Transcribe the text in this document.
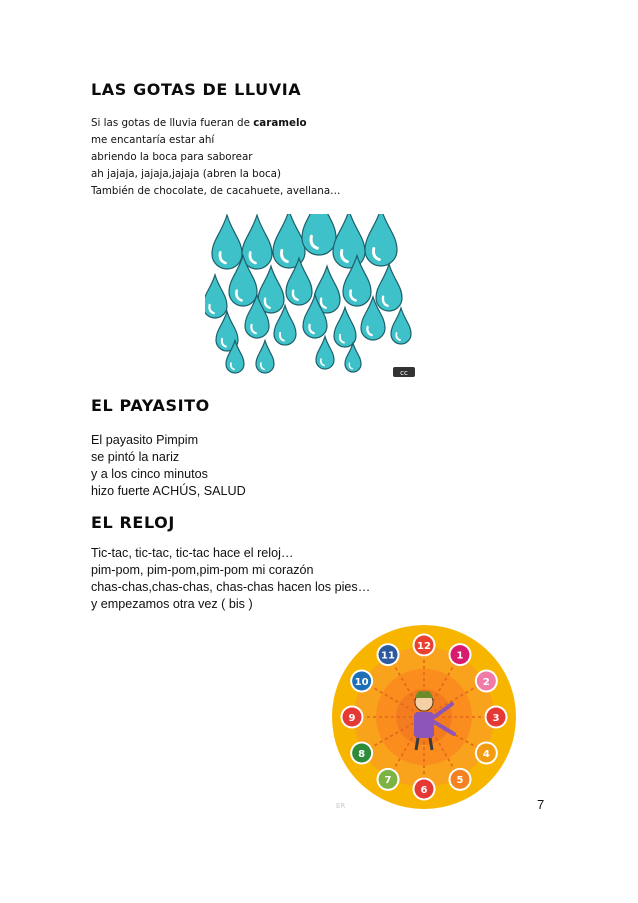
LAS GOTAS DE LLUVIA
Si las gotas de lluvia fueran de caramelo
me encantaría estar ahí
abriendo la boca para saborear
ah jajaja, jajaja,jajaja (abren la boca)
También de chocolate, de cacahuete, avellana…
cc
EL PAYASITO
El payasito Pimpim
se pintó la nariz
y a los cinco minutos
hizo fuerte ACHÚS, SALUD
EL RELOJ
Tic-tac, tic-tac, tic-tac hace el reloj…
pim-pom, pim-pom,pim-pom mi corazón
chas-chas,chas-chas, chas-chas hacen los pies…
y empezamos otra vez ( bis )
12
1
2
3
4
5
6
7
8
9
10
11
ER	7
